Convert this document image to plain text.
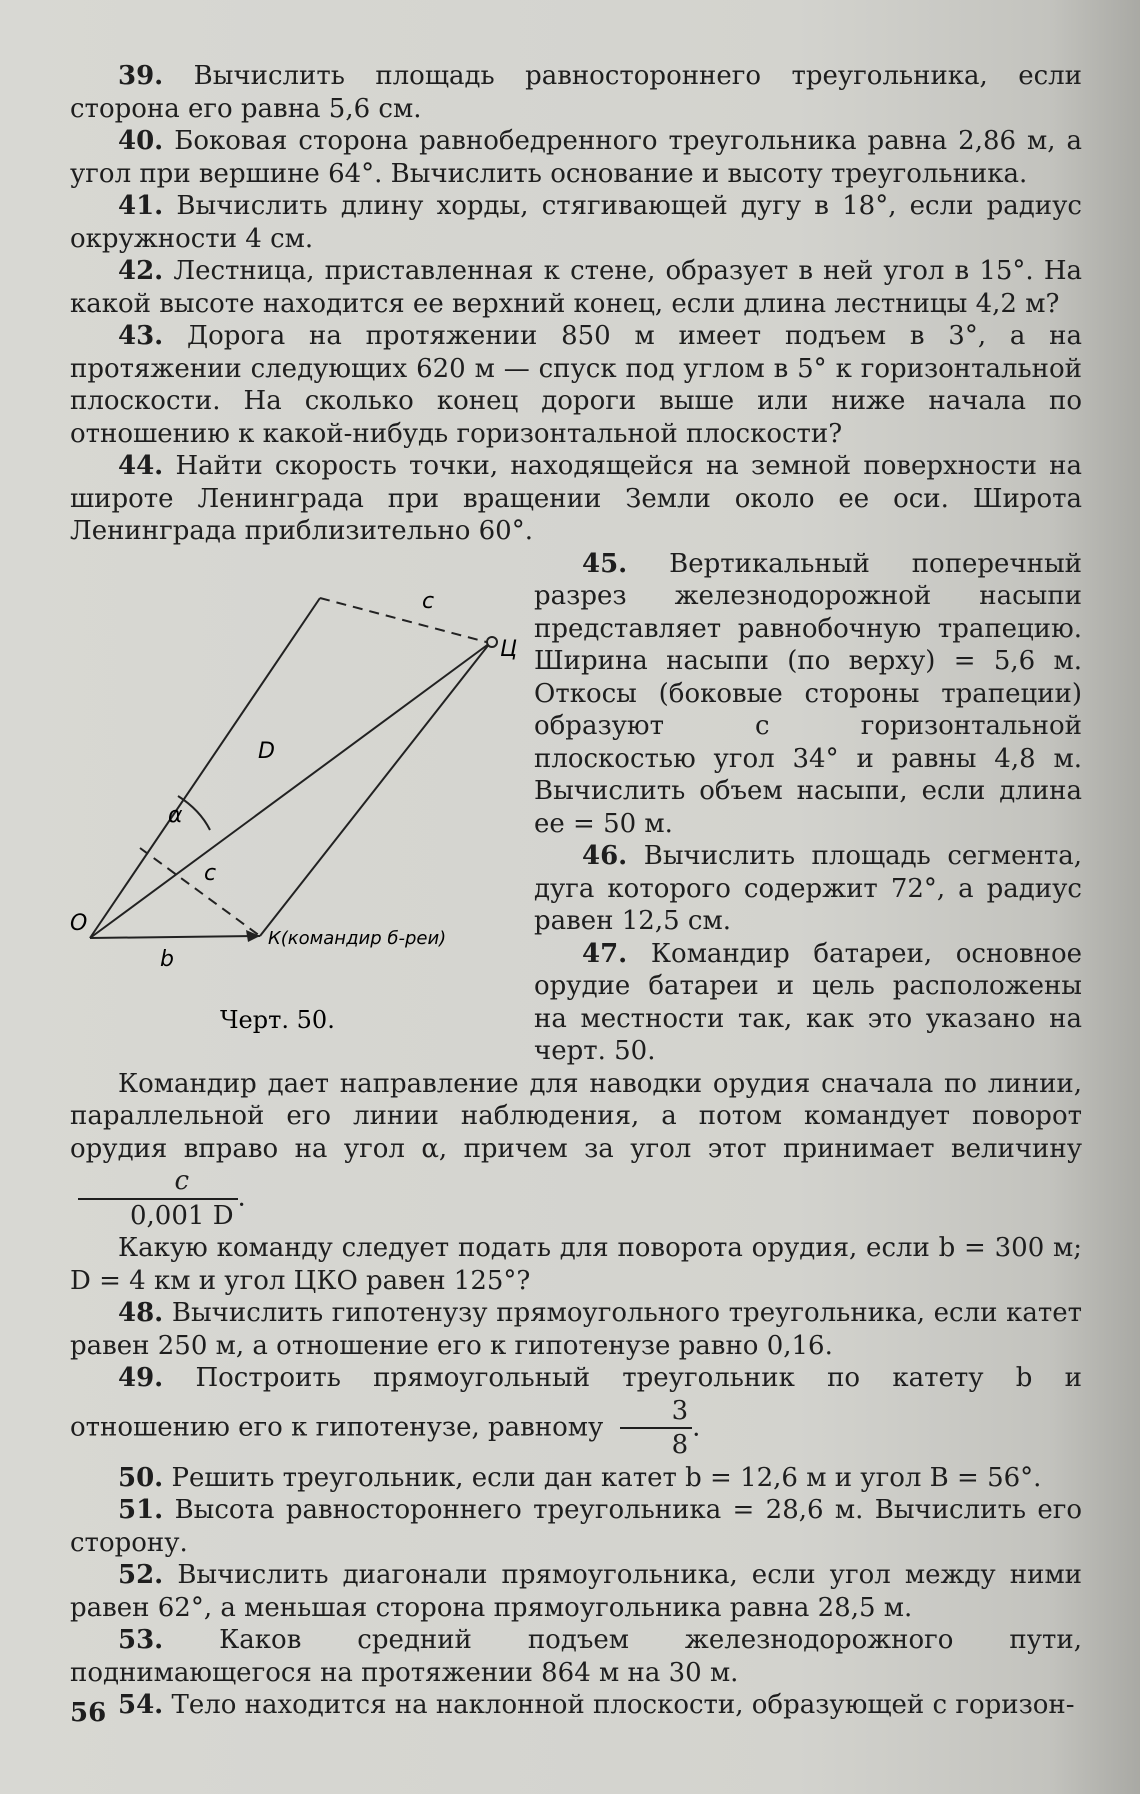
39. Вычислить площадь равностороннего треугольника, если сторона его равна 5,6 см.

40. Боковая сторона равнобедренного треугольника равна 2,86 м, а угол при вершине 64°. Вычислить основание и высоту треугольника.

41. Вычислить длину хорды, стягивающей дугу в 18°, если радиус окружности 4 см.

42. Лестница, приставленная к стене, образует в ней угол в 15°. На какой высоте находится ее верхний конец, если длина лестницы 4,2 м?

43. Дорога на протяжении 850 м имеет подъем в 3°, а на протяжении следующих 620 м — спуск под углом в 5° к горизонтальной плоскости. На сколько конец дороги выше или ниже начала по отношению к какой-нибудь горизонтальной плоскости?

44. Найти скорость точки, находящейся на земной поверхности на широте Ленинграда при вращении Земли около ее оси. Широта Ленинграда приблизительно 60°.

О
Ц
К(командир б-реи)
D
α
c
c
b
Черт. 50.

45. Вертикальный поперечный разрез железнодорожной насыпи представляет равнобочную трапецию. Ширина насыпи (по верху) = 5,6 м. Откосы (боковые стороны трапеции) образуют с горизонтальной плоскостью угол 34° и равны 4,8 м. Вычислить объем насыпи, если длина ее = 50 м.

46. Вычислить площадь сегмента, дуга которого содержит 72°, а радиус равен 12,5 см.

47. Командир батареи, основное орудие батареи и цель расположены на местности так, как это указано на черт. 50.

Командир дает направление для наводки орудия сначала по линии, параллельной его линии наблюдения, а потом командует поворот орудия вправо на угол α, причем за угол этот принимает величину
$\frac{c}{0,001 D}$ .

Какую команду следует подать для поворота орудия, если b = 300 м; D = 4 км и угол ЦКО равен 125°?

48. Вычислить гипотенузу прямоугольного треугольника, если катет равен 250 м, а отношение его к гипотенузе равно 0,16.

49. Построить прямоугольный треугольник по катету b и отношению его к гипотенузе, равному $\frac{3}{8}$ .

50. Решить треугольник, если дан катет b = 12,6 м и угол B = 56°.

51. Высота равностороннего треугольника = 28,6 м. Вычислить его сторону.

52. Вычислить диагонали прямоугольника, если угол между ними равен 62°, а меньшая сторона прямоугольника равна 28,5 м.

53. Каков средний подъем железнодорожного пути, поднимающегося на протяжении 864 м на 30 м.

54. Тело находится на наклонной плоскости, образующей с горизон-

56
